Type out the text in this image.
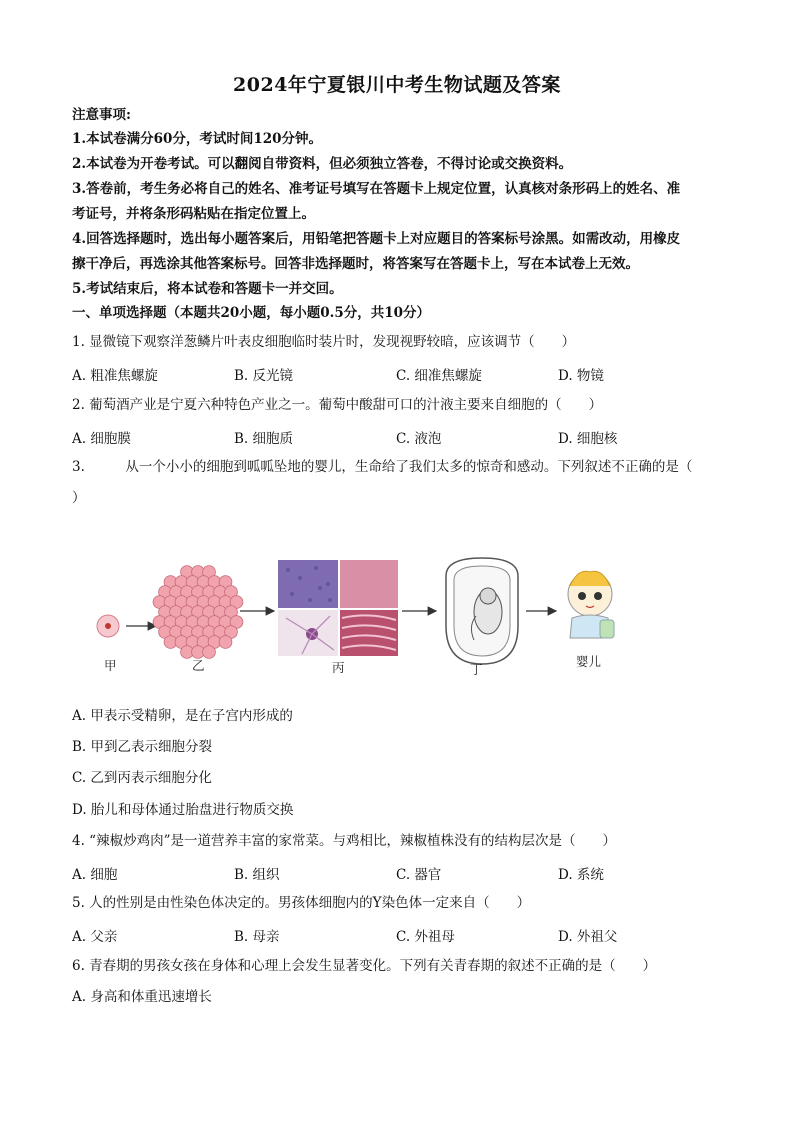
2024年宁夏银川中考生物试题及答案
注意事项:
1.本试卷满分60分，考试时间120分钟。
2.本试卷为开卷考试。可以翻阅自带资料，但必须独立答卷，不得讨论或交换资料。
3.答卷前，考生务必将自己的姓名、准考证号填写在答题卡上规定位置，认真核对条形码上的姓名、准
考证号，并将条形码粘贴在指定位置上。
4.回答选择题时，选出每小题答案后，用铅笔把答题卡上对应题目的答案标号涂黑。如需改动，用橡皮
擦干净后，再选涂其他答案标号。回答非选择题时，将答案写在答题卡上，写在本试卷上无效。
5.考试结束后，将本试卷和答题卡一并交回。
一、单项选择题（本题共20小题，每小题0.5分，共10分）
1. 显微镜下观察洋葱鳞片叶表皮细胞临时装片时，发现视野较暗，应该调节（　　）
A. 粗准焦螺旋	B. 反光镜	C. 细准焦螺旋	D. 物镜
2. 葡萄酒产业是宁夏六种特色产业之一。葡萄中酸甜可口的汁液主要来自细胞的（　　）
A. 细胞膜	B. 细胞质	C. 液泡	D. 细胞核
3.　　　从一个小小的细胞到呱呱坠地的婴儿，生命给了我们太多的惊奇和感动。下列叙述不正确的是（
）
甲	乙	丙	丁
婴儿
A. 甲表示受精卵，是在子宫内形成的
B. 甲到乙表示细胞分裂
C. 乙到丙表示细胞分化
D. 胎儿和母体通过胎盘进行物质交换
4. “辣椒炒鸡肉”是一道营养丰富的家常菜。与鸡相比，辣椒植株没有的结构层次是（　　）
A. 细胞	B. 组织	C. 器官	D. 系统
5. 人的性别是由性染色体决定的。男孩体细胞内的Y染色体一定来自（　　）
A. 父亲	B. 母亲	C. 外祖母	D. 外祖父
6. 青春期的男孩女孩在身体和心理上会发生显著变化。下列有关青春期的叙述不正确的是（　　）
A. 身高和体重迅速增长
